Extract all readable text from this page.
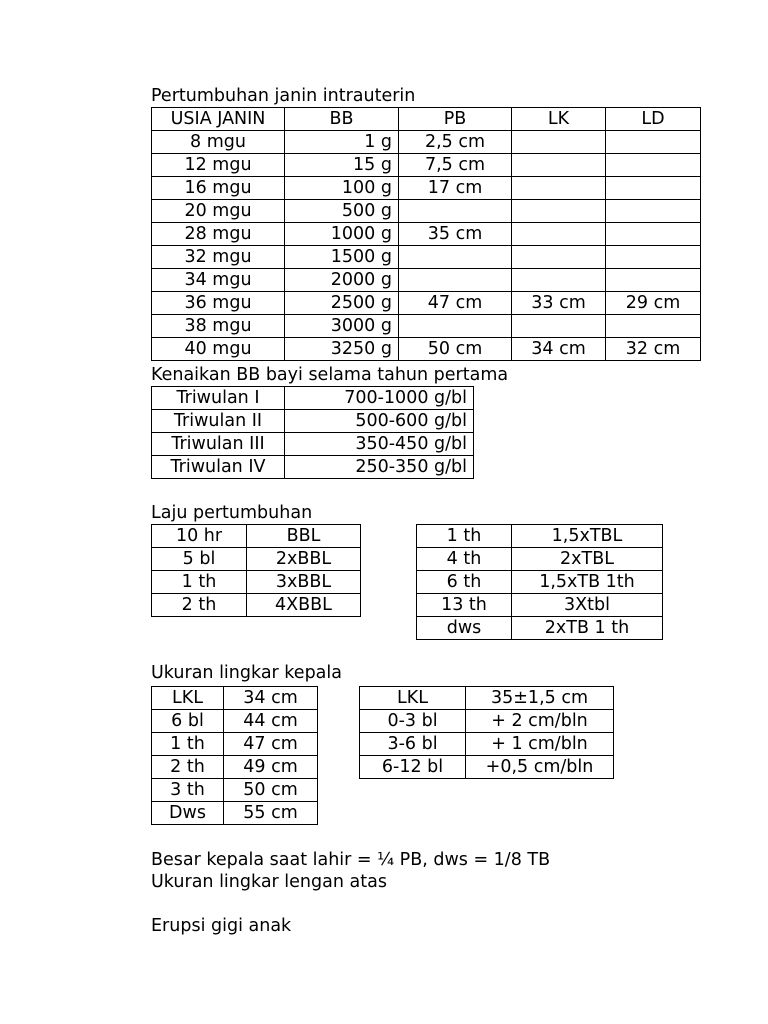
Pertumbuhan janin intrauterin
USIA JANIN	BB	PB	LK	LD
8 mgu	1 g	2,5 cm		
12 mgu	15 g	7,5 cm		
16 mgu	100 g	17 cm		
20 mgu	500 g			
28 mgu	1000 g	35 cm		
32 mgu	1500 g			
34 mgu	2000 g			
36 mgu	2500 g	47 cm	33 cm	29 cm
38 mgu	3000 g			
40 mgu	3250 g	50 cm	34 cm	32 cm
Kenaikan BB bayi selama tahun pertama
Triwulan I	700-1000 g/bl
Triwulan II	500-600 g/bl
Triwulan III	350-450 g/bl
Triwulan IV	250-350 g/bl
Laju pertumbuhan
10 hr	BBL
5 bl	2xBBL
1 th	3xBBL
2 th	4XBBL
1 th	1,5xTBL
4 th	2xTBL
6 th	1,5xTB 1th
13 th	3Xtbl
dws	2xTB 1 th
Ukuran lingkar kepala
LKL	34 cm
6 bl	44 cm
1 th	47 cm
2 th	49 cm
3 th	50 cm
Dws	55 cm
LKL	35±1,5 cm
0-3 bl	+ 2 cm/bln
3-6 bl	+ 1 cm/bln
6-12 bl	+0,5 cm/bln
Besar kepala saat lahir = ¼ PB, dws = 1/8 TB
Ukuran lingkar lengan atas
Erupsi gigi anak
